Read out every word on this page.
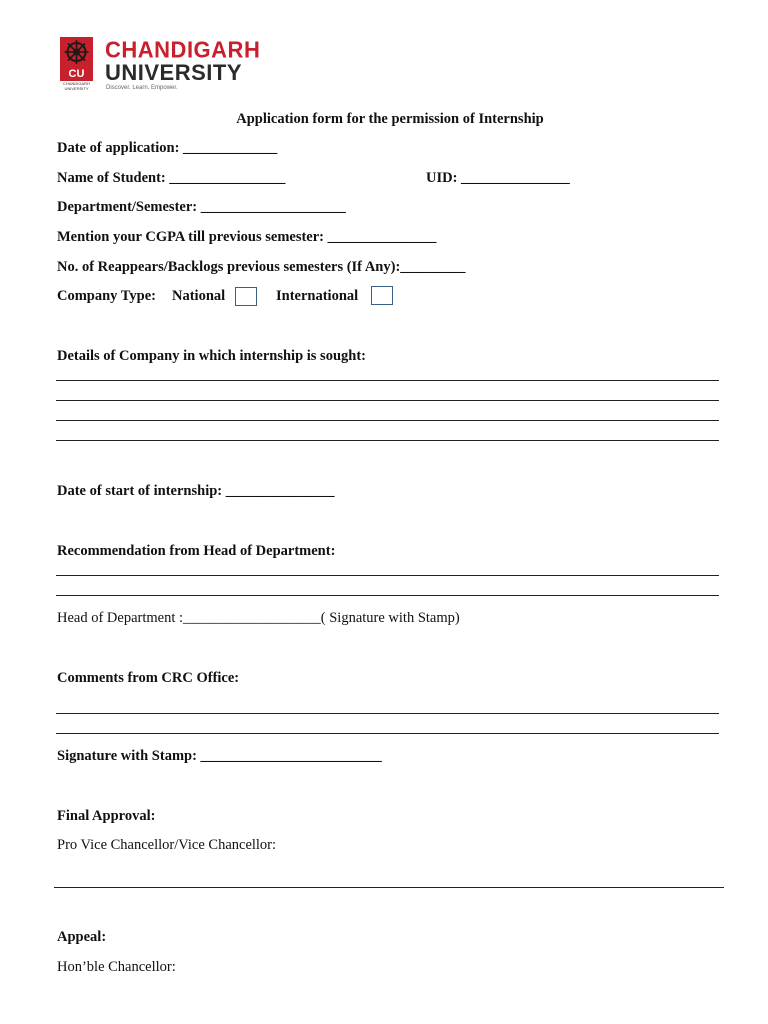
CU
CHANDIGARH UNIVERSITY
CHANDIGARH
UNIVERSITY
Discover. Learn. Empower.
Application form for the permission of Internship
Date of application: _____________
Name of Student: ________________	UID: _______________
Department/Semester: ____________________
Mention your CGPA till previous semester: _______________
No. of Reappears/Backlogs previous semesters (If Any):_________
Company Type: National	International
Details of Company in which internship is sought:
Date of start of internship: _______________
Recommendation from Head of Department:
Head of Department :___________________( Signature with Stamp)
Comments from CRC Office:
Signature with Stamp: _________________________
Final Approval:
Pro Vice Chancellor/Vice Chancellor:
Appeal:
Hon’ble Chancellor:
